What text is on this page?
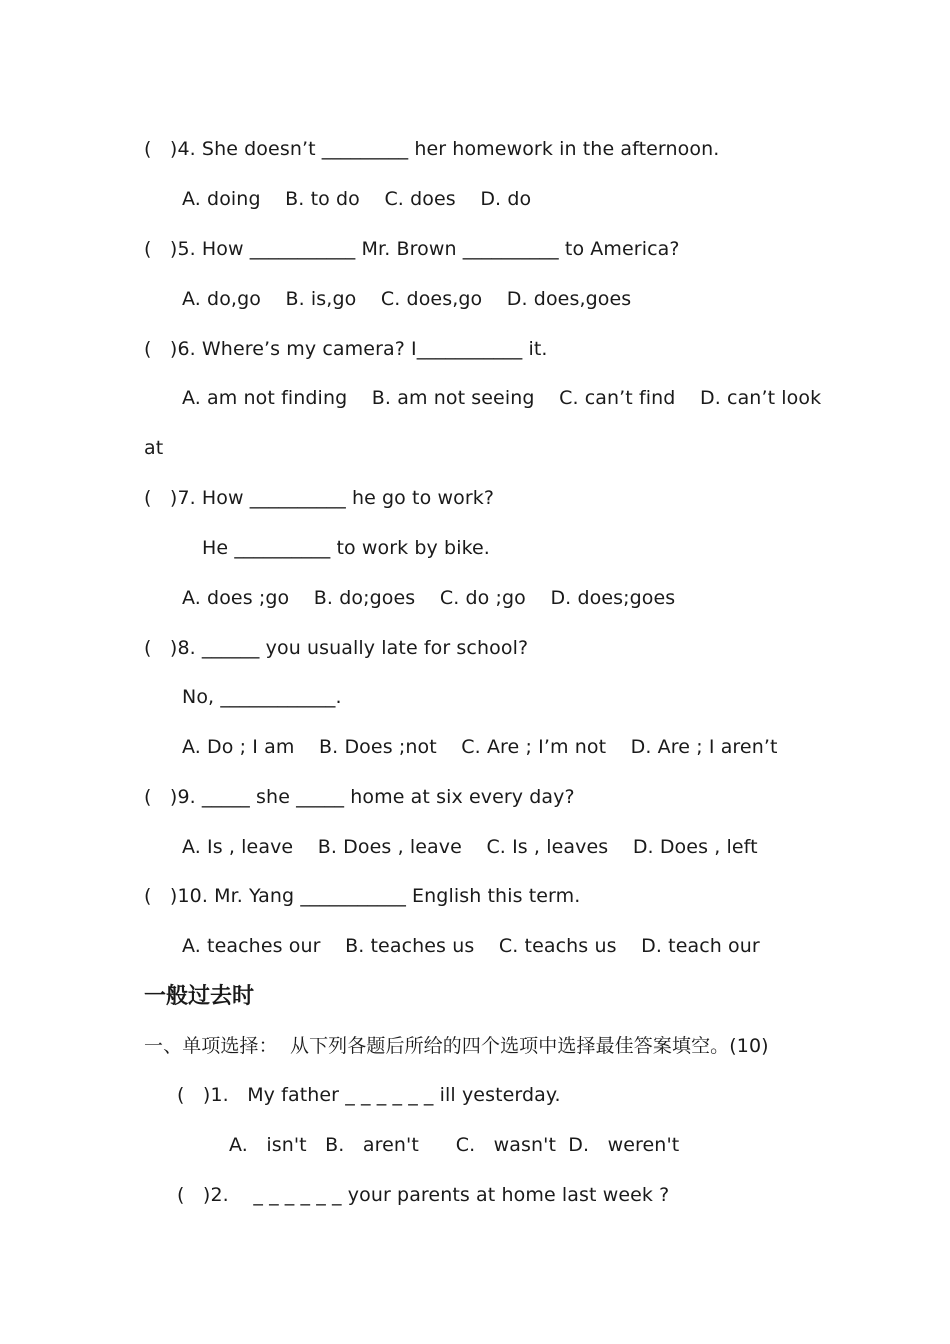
(   )4. She doesn’t _________ her homework in the afternoon.
A. doing    B. to do    C. does    D. do
(   )5. How ___________ Mr. Brown __________ to America?
A. do,go    B. is,go    C. does,go    D. does,goes
(   )6. Where’s my camera? I___________ it.
A. am not finding    B. am not seeing    C. can’t find    D. can’t look
at
(   )7. How __________ he go to work?
He __________ to work by bike.
A. does ;go    B. do;goes    C. do ;go    D. does;goes
(   )8. ______ you usually late for school?
No, ____________.
A. Do ; I am    B. Does ;not    C. Are ; I’m not    D. Are ; I aren’t
(   )9. _____ she _____ home at six every day?
A. Is , leave    B. Does , leave    C. Is , leaves    D. Does , left
(   )10. Mr. Yang ___________ English this term.
A. teaches our    B. teaches us    C. teachs us    D. teach our
一般过去时
一、单项选择：  从下列各题后所给的四个选项中选择最佳答案填空。(10)
(   )1.   My father _ _ _ _ _ _ ill yesterday.
A.   isn't   B.   aren't      C.   wasn't  D.   weren't
(   )2.    _ _ _ _ _ _ your parents at home last week ?
